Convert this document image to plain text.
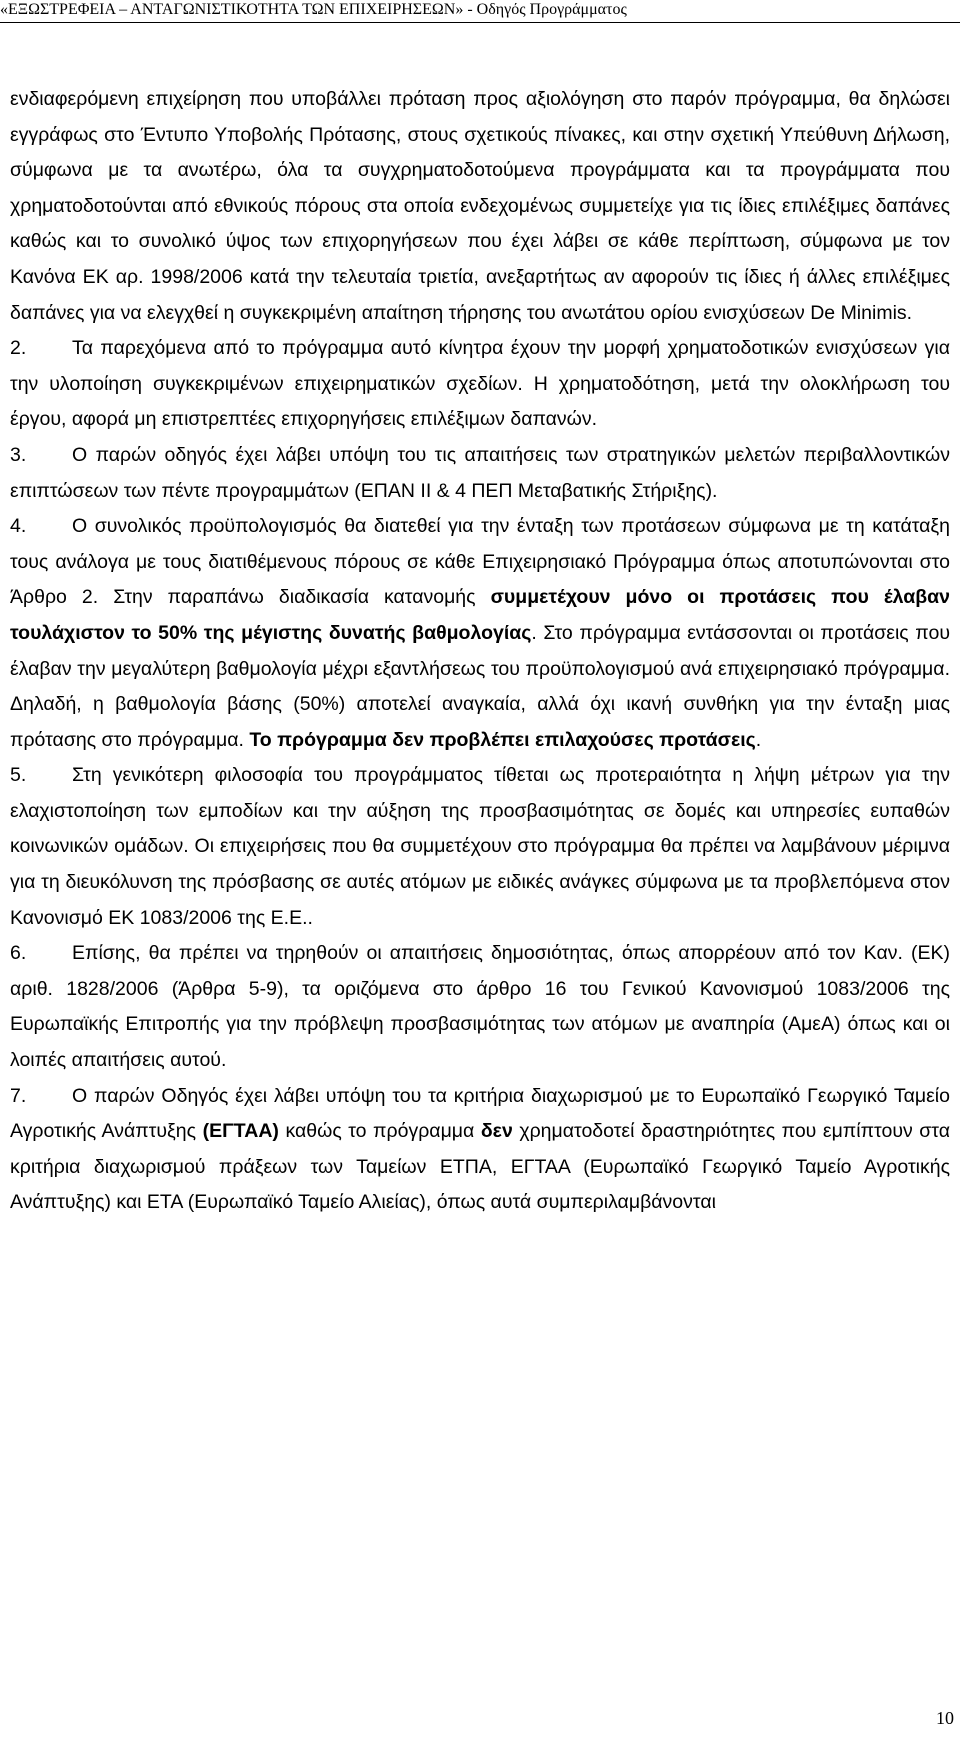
«ΕΞΩΣΤΡΕΦΕΙΑ – ΑΝΤΑΓΩΝΙΣΤΙΚΟΤΗΤΑ ΤΩΝ ΕΠΙΧΕΙΡΗΣΕΩΝ» - Οδηγός Προγράμματος

ενδιαφερόμενη επιχείρηση που υποβάλλει πρόταση προς αξιολόγηση στο παρόν πρόγραμμα, θα δηλώσει εγγράφως στο Έντυπο Υποβολής Πρότασης, στους σχετικούς πίνακες, και στην σχετική Υπεύθυνη Δήλωση, σύμφωνα με τα ανωτέρω, όλα τα συγχρηματοδοτούμενα προγράμματα και τα προγράμματα που χρηματοδοτούνται από εθνικούς πόρους στα οποία ενδεχομένως συμμετείχε για τις ίδιες επιλέξιμες δαπάνες καθώς και το συνολικό ύψος των επιχορηγήσεων που έχει λάβει σε κάθε περίπτωση, σύμφωνα με τον Κανόνα ΕΚ αρ. 1998/2006 κατά την τελευταία τριετία, ανεξαρτήτως αν αφορούν τις ίδιες ή άλλες επιλέξιμες δαπάνες για να ελεγχθεί η συγκεκριμένη απαίτηση τήρησης του ανωτάτου ορίου ενισχύσεων De Minimis.

2. Τα παρεχόμενα από το πρόγραμμα αυτό κίνητρα έχουν την μορφή χρηματοδοτικών ενισχύσεων για την υλοποίηση συγκεκριμένων επιχειρηματικών σχεδίων. Η χρηματοδότηση, μετά την ολοκλήρωση του έργου, αφορά μη επιστρεπτέες επιχορηγήσεις επιλέξιμων δαπανών.

3. Ο παρών οδηγός έχει λάβει υπόψη του τις απαιτήσεις των στρατηγικών μελετών περιβαλλοντικών επιπτώσεων των πέντε προγραμμάτων (ΕΠΑΝ ΙΙ & 4 ΠΕΠ Μεταβατικής Στήριξης).

4. Ο συνολικός προϋπολογισμός θα διατεθεί για την ένταξη των προτάσεων σύμφωνα με τη κατάταξη τους ανάλογα με τους διατιθέμενους πόρους σε κάθε Επιχειρησιακό Πρόγραμμα όπως αποτυπώνονται στο Άρθρο 2. Στην παραπάνω διαδικασία κατανομής συμμετέχουν μόνο οι προτάσεις που έλαβαν τουλάχιστον το 50% της μέγιστης δυνατής βαθμολογίας. Στο πρόγραμμα εντάσσονται οι προτάσεις που έλαβαν την μεγαλύτερη βαθμολογία μέχρι εξαντλήσεως του προϋπολογισμού ανά επιχειρησιακό πρόγραμμα. Δηλαδή, η βαθμολογία βάσης (50%) αποτελεί αναγκαία, αλλά όχι ικανή συνθήκη για την ένταξη μιας πρότασης στο πρόγραμμα. Το πρόγραμμα δεν προβλέπει επιλαχούσες προτάσεις.

5. Στη γενικότερη φιλοσοφία του προγράμματος τίθεται ως προτεραιότητα η λήψη μέτρων για την ελαχιστοποίηση των εμποδίων και την αύξηση της προσβασιμότητας σε δομές και υπηρεσίες ευπαθών κοινωνικών ομάδων. Οι επιχειρήσεις που θα συμμετέχουν στο πρόγραμμα θα πρέπει να λαμβάνουν μέριμνα για τη διευκόλυνση της πρόσβασης σε αυτές ατόμων με ειδικές ανάγκες σύμφωνα με τα προβλεπόμενα στον Κανονισμό ΕΚ 1083/2006 της Ε.Ε..

6. Επίσης, θα πρέπει να τηρηθούν οι απαιτήσεις δημοσιότητας, όπως απορρέουν από τον Καν. (ΕΚ) αριθ. 1828/2006 (Άρθρα 5-9), τα οριζόμενα στο άρθρο 16 του Γενικού Κανονισμού 1083/2006 της Ευρωπαϊκής Επιτροπής για την πρόβλεψη προσβασιμότητας των ατόμων με αναπηρία (ΑμεΑ) όπως και οι λοιπές απαιτήσεις αυτού.

7. Ο παρών Οδηγός έχει λάβει υπόψη του τα κριτήρια διαχωρισμού με το Ευρωπαϊκό Γεωργικό Ταμείο Αγροτικής Ανάπτυξης (ΕΓΤΑΑ) καθώς το πρόγραμμα δεν χρηματοδοτεί δραστηριότητες που εμπίπτουν στα κριτήρια διαχωρισμού πράξεων των Ταμείων ΕΤΠΑ, ΕΓΤΑΑ (Ευρωπαϊκό Γεωργικό Ταμείο Αγροτικής Ανάπτυξης) και ΕΤΑ (Ευρωπαϊκό Ταμείο Αλιείας), όπως αυτά συμπεριλαμβάνονται

10
